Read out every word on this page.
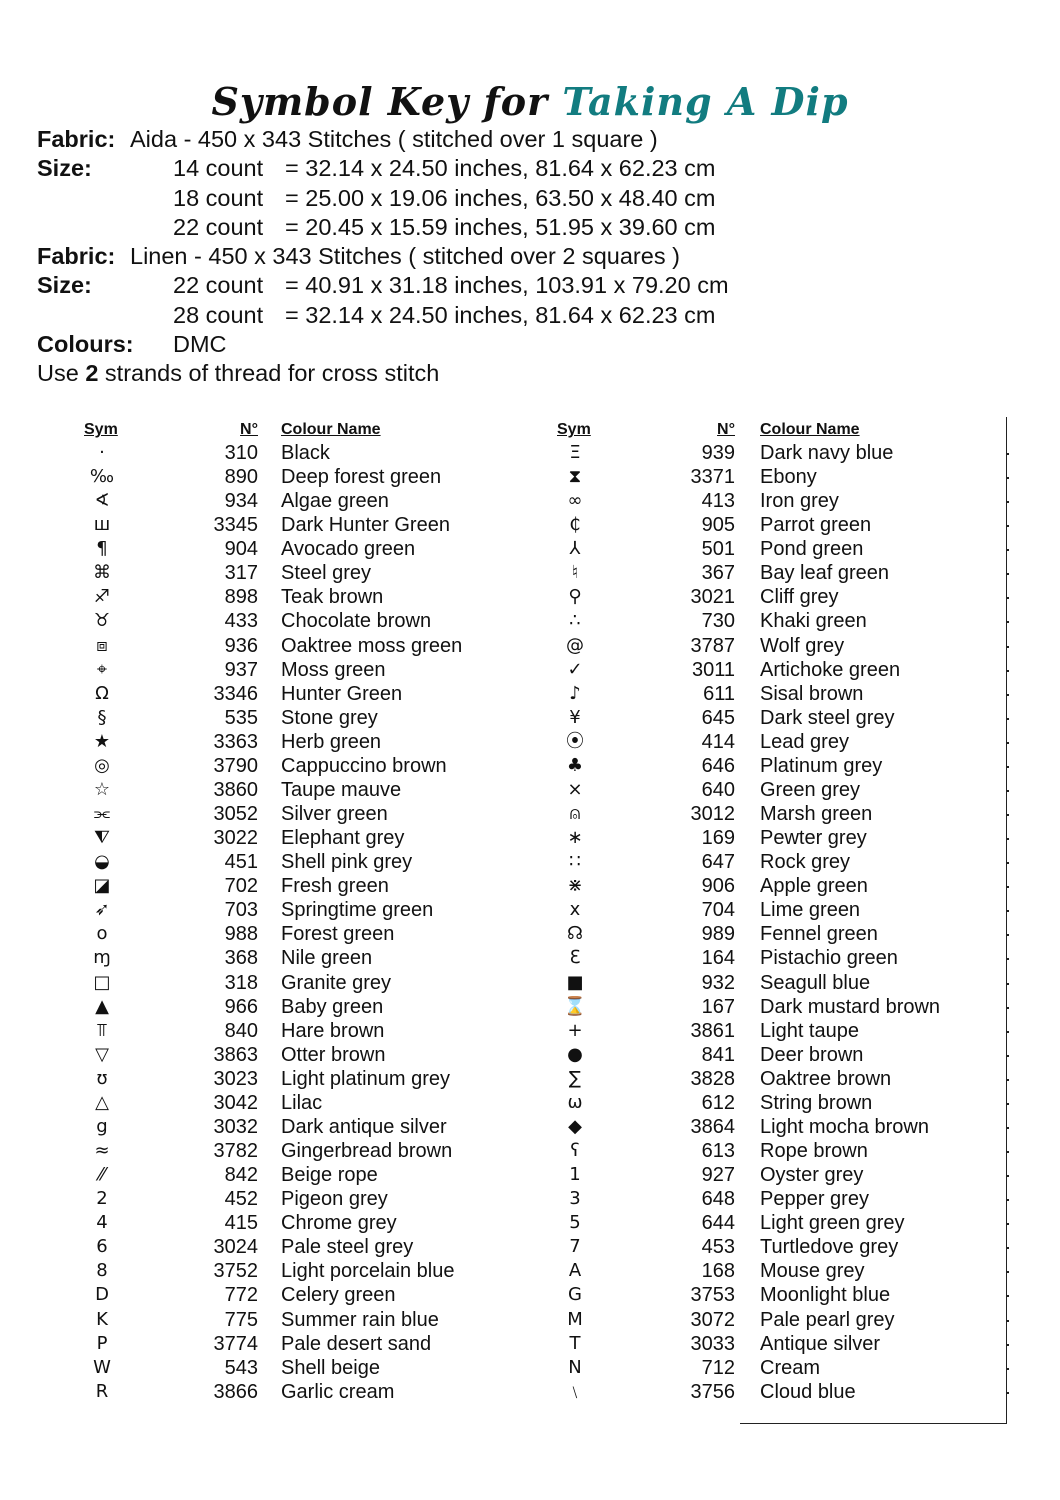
Symbol Key for Taking A Dip
Fabric: Aida - 450 x 343 Stitches ( stitched over 1 square )
Size:	14 count = 32.14 x 24.50 inches, 81.64 x 62.23 cm
18 count = 25.00 x 19.06 inches, 63.50 x 48.40 cm
22 count = 20.45 x 15.59 inches, 51.95 x 39.60 cm
Fabric: Linen - 450 x 343 Stitches ( stitched over 2 squares )
Size:	22 count = 40.91 x 31.18 inches, 103.91 x 79.20 cm
28 count = 32.14 x 24.50 inches, 81.64 x 62.23 cm
Colours: DMC
Use 2 strands of thread for cross stitch
Sym	N° Colour Name	Sym	N° Colour Name
·	310 Black
‰	890 Deep forest green
∢	934 Algae green
ш	3345 Dark Hunter Green
¶	904 Avocado green
⌘	317 Steel grey
♐	898 Teak brown
♉	433 Chocolate brown
⧈	936 Oaktree moss green
⌖	937 Moss green
Ω	3346 Hunter Green
§	535 Stone grey
★	3363 Herb green
◎	3790 Cappuccino brown
☆	3860 Taupe mauve
⫘	3052 Silver green
⧨	3022 Elephant grey
◒	451 Shell pink grey
◪	702 Fresh green
➶	703 Springtime green
o	988 Forest green
ɱ	368 Nile green
□	318 Granite grey
▲	966 Baby green
⫪	840 Hare brown
▽	3863 Otter brown
ʊ	3023 Light platinum grey
△	3042 Lilac
g	3032 Dark antique silver
≈	3782 Gingerbread brown
⁄⁄	842 Beige rope
2	452 Pigeon grey
4	415 Chrome grey
6	3024 Pale steel grey
8	3752 Light porcelain blue
D	772 Celery green
K	775 Summer rain blue
P	3774 Pale desert sand
W	543 Shell beige
R	3866 Garlic cream
Ξ	939 Dark navy blue
⧗	3371 Ebony
∞	413 Iron grey
₵	905 Parrot green
⅄	501 Pond green
♮	367 Bay leaf green
⚲	3021 Cliff grey
∴	730 Khaki green
@	3787 Wolf grey
✓	3011 Artichoke green
♪	611 Sisal brown
¥	645 Dark steel grey
⦿	414 Lead grey
♣	646 Platinum grey
⨯	640 Green grey
⍝	3012 Marsh green
∗	169 Pewter grey
∷	647 Rock grey
⋇	906 Apple green
x	704 Lime green
☊	989 Fennel green
ℇ	164 Pistachio green
■	932 Seagull blue
⌛	167 Dark mustard brown
+	3861 Light taupe
●	841 Deer brown
∑	3828 Oaktree brown
ω	612 String brown
◆	3864 Light mocha brown
ʕ	613 Rope brown
1	927 Oyster grey
3	648 Pepper grey
5	644 Light green grey
7	453 Turtledove grey
A	168 Mouse grey
G	3753 Moonlight blue
M	3072 Pale pearl grey
T	3033 Antique silver
N	712 Cream
﹨	3756 Cloud blue
